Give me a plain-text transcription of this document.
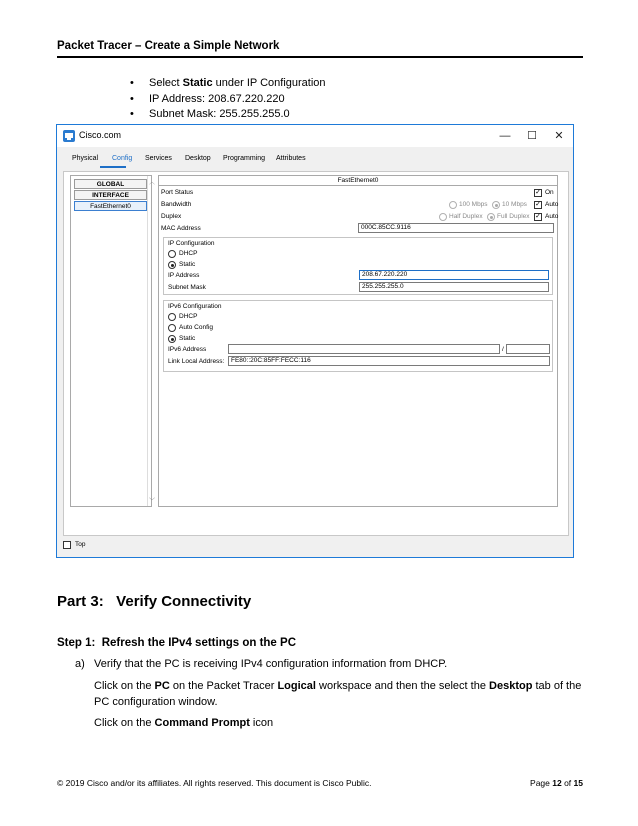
Packet Tracer – Create a Simple Network
• Select Static under IP Configuration
• IP Address: 208.67.220.220
• Subnet Mask: 255.255.255.0
Cisco.com	—	☐	✕
Physical Config Services Desktop Programming Attributes
GLOBAL
INTERFACE
FastEthernet0
︿
﹀
FastEthernet0
Port Status	✓ On
Bandwidth	100 Mbps 10 Mbps ✓ Auto
Duplex	Half Duplex Full Duplex ✓ Auto
MAC Address	000C.85CC.9116
IP Configuration
DHCP
Static
IP Address	208.67.220.220
Subnet Mask	255.255.255.0
IPv6 Configuration
DHCP
Auto Config
Static
IPv6 Address	/
Link Local Address:	FE80::20C:85FF:FECC:116
Top
Part 3:   Verify Connectivity
Step 1:  Refresh the IPv4 settings on the PC
a) Verify that the PC is receiving IPv4 configuration information from DHCP.
Click on the PC on the Packet Tracer Logical workspace and then the select the Desktop tab of the PC configuration window.
Click on the Command Prompt icon
© 2019 Cisco and/or its affiliates. All rights reserved. This document is Cisco Public.	Page 12 of 15
